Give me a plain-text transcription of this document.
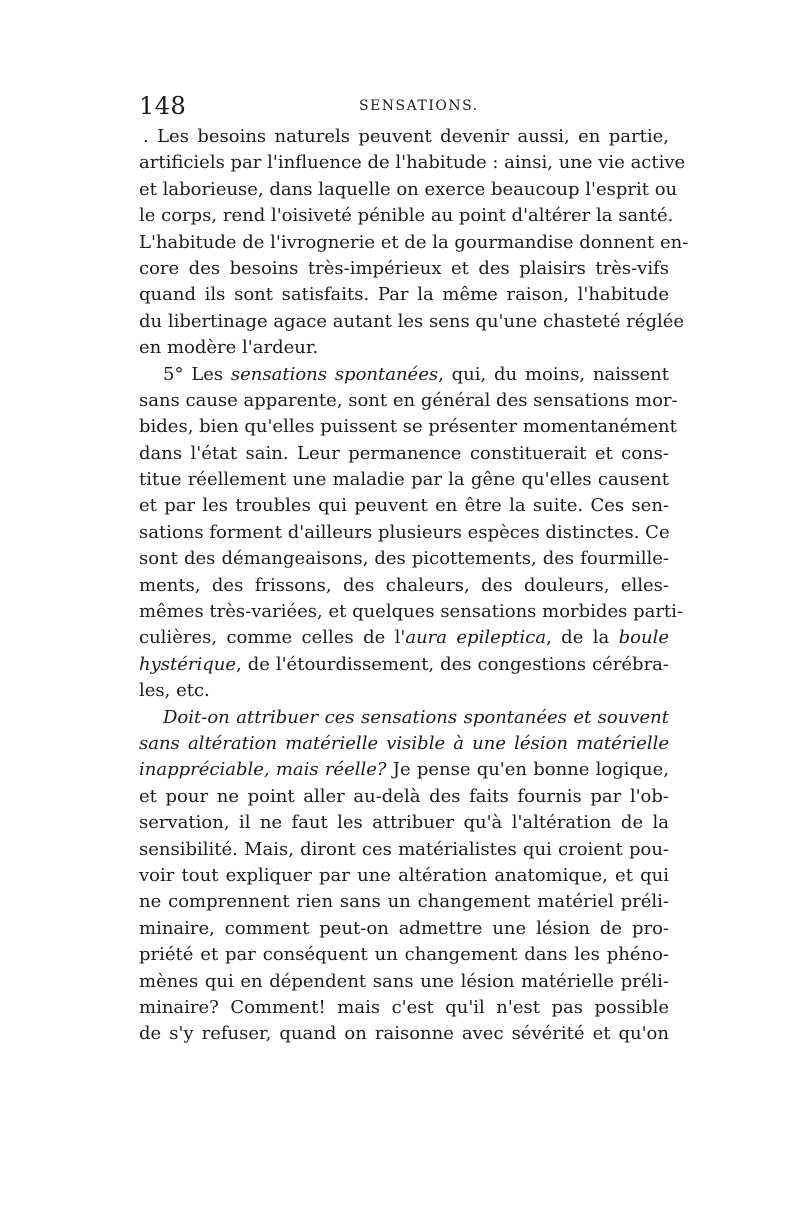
148	SENSATIONS.
. Les besoins naturels peuvent devenir aussi, en partie,
artificiels par l'influence de l'habitude : ainsi, une vie active
et laborieuse, dans laquelle on exerce beaucoup l'esprit ou
le corps, rend l'oisiveté pénible au point d'altérer la santé.
L'habitude de l'ivrognerie et de la gourmandise donnent en-
core des besoins très-impérieux et des plaisirs très-vifs
quand ils sont satisfaits. Par la même raison, l'habitude
du libertinage agace autant les sens qu'une chasteté réglée
en modère l'ardeur.
5° Les sensations spontanées, qui, du moins, naissent
sans cause apparente, sont en général des sensations mor-
bides, bien qu'elles puissent se présenter momentanément
dans l'état sain. Leur permanence constituerait et cons-
titue réellement une maladie par la gêne qu'elles causent
et par les troubles qui peuvent en être la suite. Ces sen-
sations forment d'ailleurs plusieurs espèces distinctes. Ce
sont des démangeaisons, des picottements, des fourmille-
ments, des frissons, des chaleurs, des douleurs, elles-
mêmes très-variées, et quelques sensations morbides parti-
culières, comme celles de l'aura epileptica, de la boule
hystérique, de l'étourdissement, des congestions cérébra-
les, etc.
Doit-on attribuer ces sensations spontanées et souvent
sans altération matérielle visible à une lésion matérielle
inappréciable, mais réelle? Je pense qu'en bonne logique,
et pour ne point aller au-delà des faits fournis par l'ob-
servation, il ne faut les attribuer qu'à l'altération de la
sensibilité. Mais, diront ces matérialistes qui croient pou-
voir tout expliquer par une altération anatomique, et qui
ne comprennent rien sans un changement matériel préli-
minaire, comment peut-on admettre une lésion de pro-
priété et par conséquent un changement dans les phéno-
mènes qui en dépendent sans une lésion matérielle préli-
minaire? Comment! mais c'est qu'il n'est pas possible
de s'y refuser, quand on raisonne avec sévérité et qu'on
